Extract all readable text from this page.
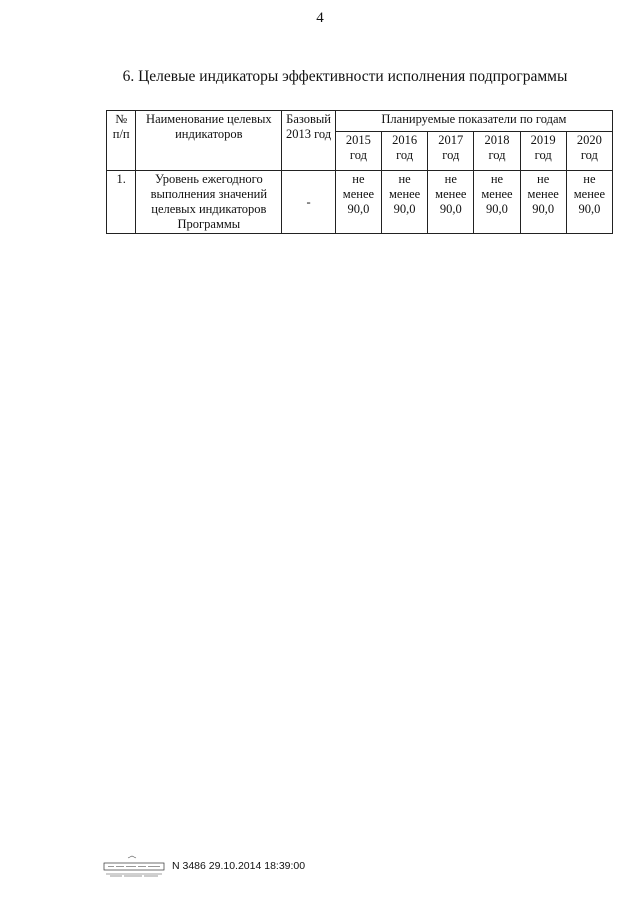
4
6. Целевые индикаторы эффективности исполнения подпрограммы
№ п/п	Наименование целевых индикаторов	Базовый 2013 год	Планируемые показатели по годам					
			2015 год	2016 год	2017 год	2018 год	2019 год	2020 год
1.	Уровень ежегодного выполнения значений целевых индикаторов Программы	-	не менее 90,0	не менее 90,0	не менее 90,0	не менее 90,0	не менее 90,0	не менее 90,0
N 3486 29.10.2014 18:39:00
